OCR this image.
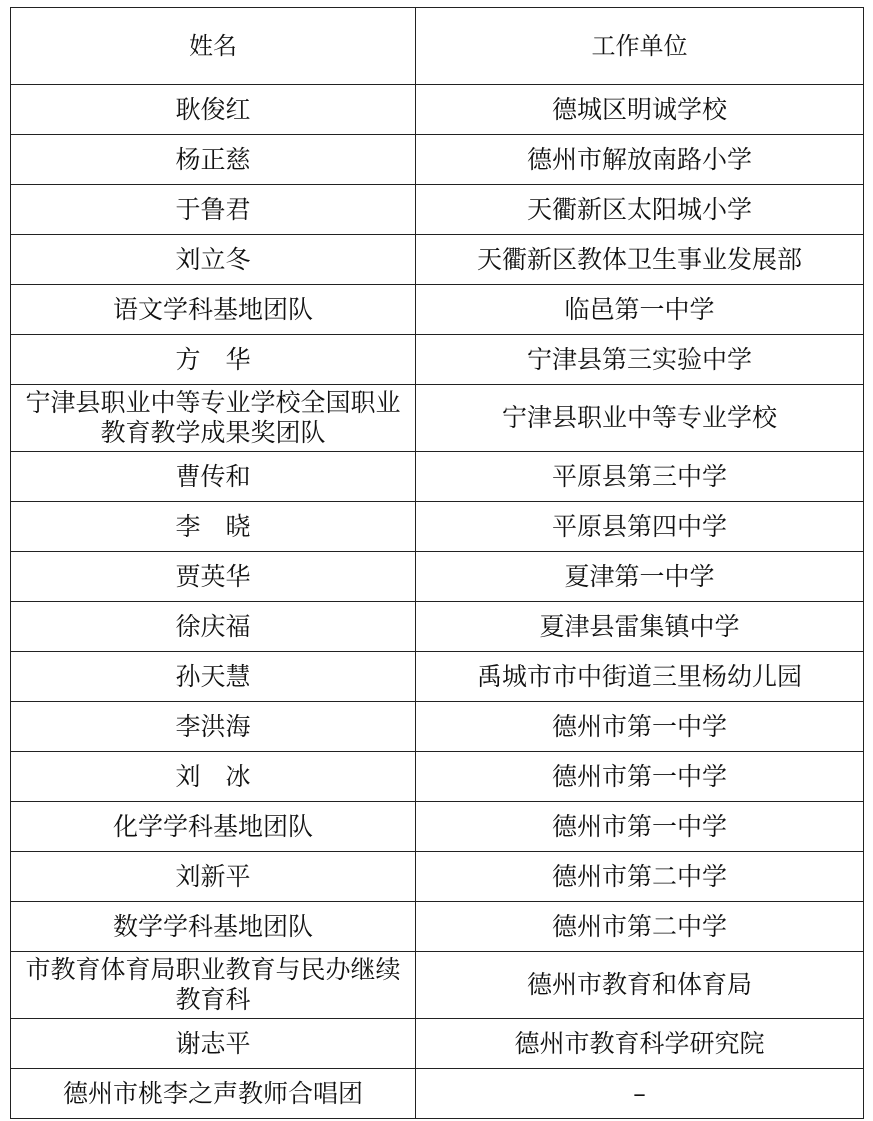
姓名	工作单位
耿俊红	德城区明诚学校
杨正慈	德州市解放南路小学
于鲁君	天衢新区太阳城小学
刘立冬	天衢新区教体卫生事业发展部
语文学科基地团队	临邑第一中学
方　华	宁津县第三实验中学
宁津县职业中等专业学校全国职业教育教学成果奖团队	宁津县职业中等专业学校
曹传和	平原县第三中学
李　晓	平原县第四中学
贾英华	夏津第一中学
徐庆福	夏津县雷集镇中学
孙天慧	禹城市市中街道三里杨幼儿园
李洪海	德州市第一中学
刘　冰	德州市第一中学
化学学科基地团队	德州市第一中学
刘新平	德州市第二中学
数学学科基地团队	德州市第二中学
市教育体育局职业教育与民办继续教育科	德州市教育和体育局
谢志平	德州市教育科学研究院
德州市桃李之声教师合唱团	–
